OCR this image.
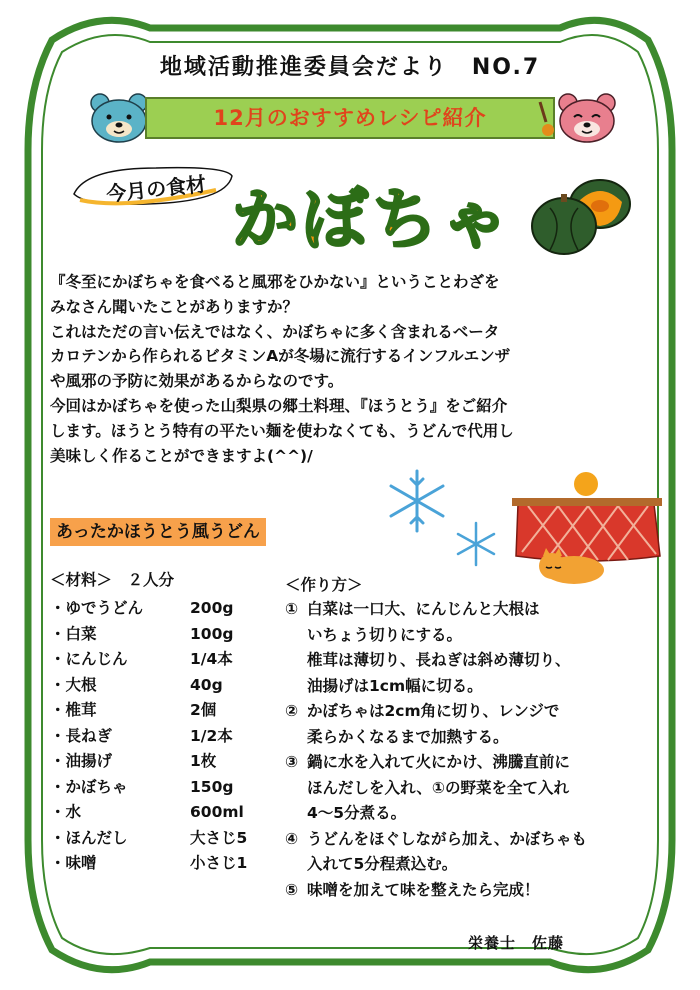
地域活動推進委員会だより　NO.7
12月のおすすめレシピ紹介
今月の食材 かぼちゃ

『冬至にかぼちゃを食べると風邪をひかない』ということわざを
みなさん聞いたことがありますか？
これはただの言い伝えではなく、かぼちゃに多く含まれるベータ
カロテンから作られるビタミンAが冬場に流行するインフルエンザ
や風邪の予防に効果があるからなのです。
今回はかぼちゃを使った山梨県の郷土料理、『ほうとう』をご紹介
します。ほうとう特有の平たい麺を使わなくても、うどんで代用し
美味しく作ることができますよ(^^)/

あったかほうとう風うどん
＜材料＞　２人分
・ゆでうどん	200g
・白菜	100g
・にんじん	1/4本
・大根	40g
・椎茸	2個
・長ねぎ	1/2本
・油揚げ	1枚
・かぼちゃ	150g
・水	600ml
・ほんだし	大さじ5
・味噌	小さじ1
＜作り方＞
① 白菜は一口大、にんじんと大根は
いちょう切りにする。
椎茸は薄切り、長ねぎは斜め薄切り、
油揚げは1cm幅に切る。
② かぼちゃは2cm角に切り、レンジで
柔らかくなるまで加熱する。
③ 鍋に水を入れて火にかけ、沸騰直前に
ほんだしを入れ、①の野菜を全て入れ
4～5分煮る。
④ うどんをほぐしながら加え、かぼちゃも
入れて5分程煮込む。
⑤ 味噌を加えて味を整えたら完成！
栄養士　佐藤
